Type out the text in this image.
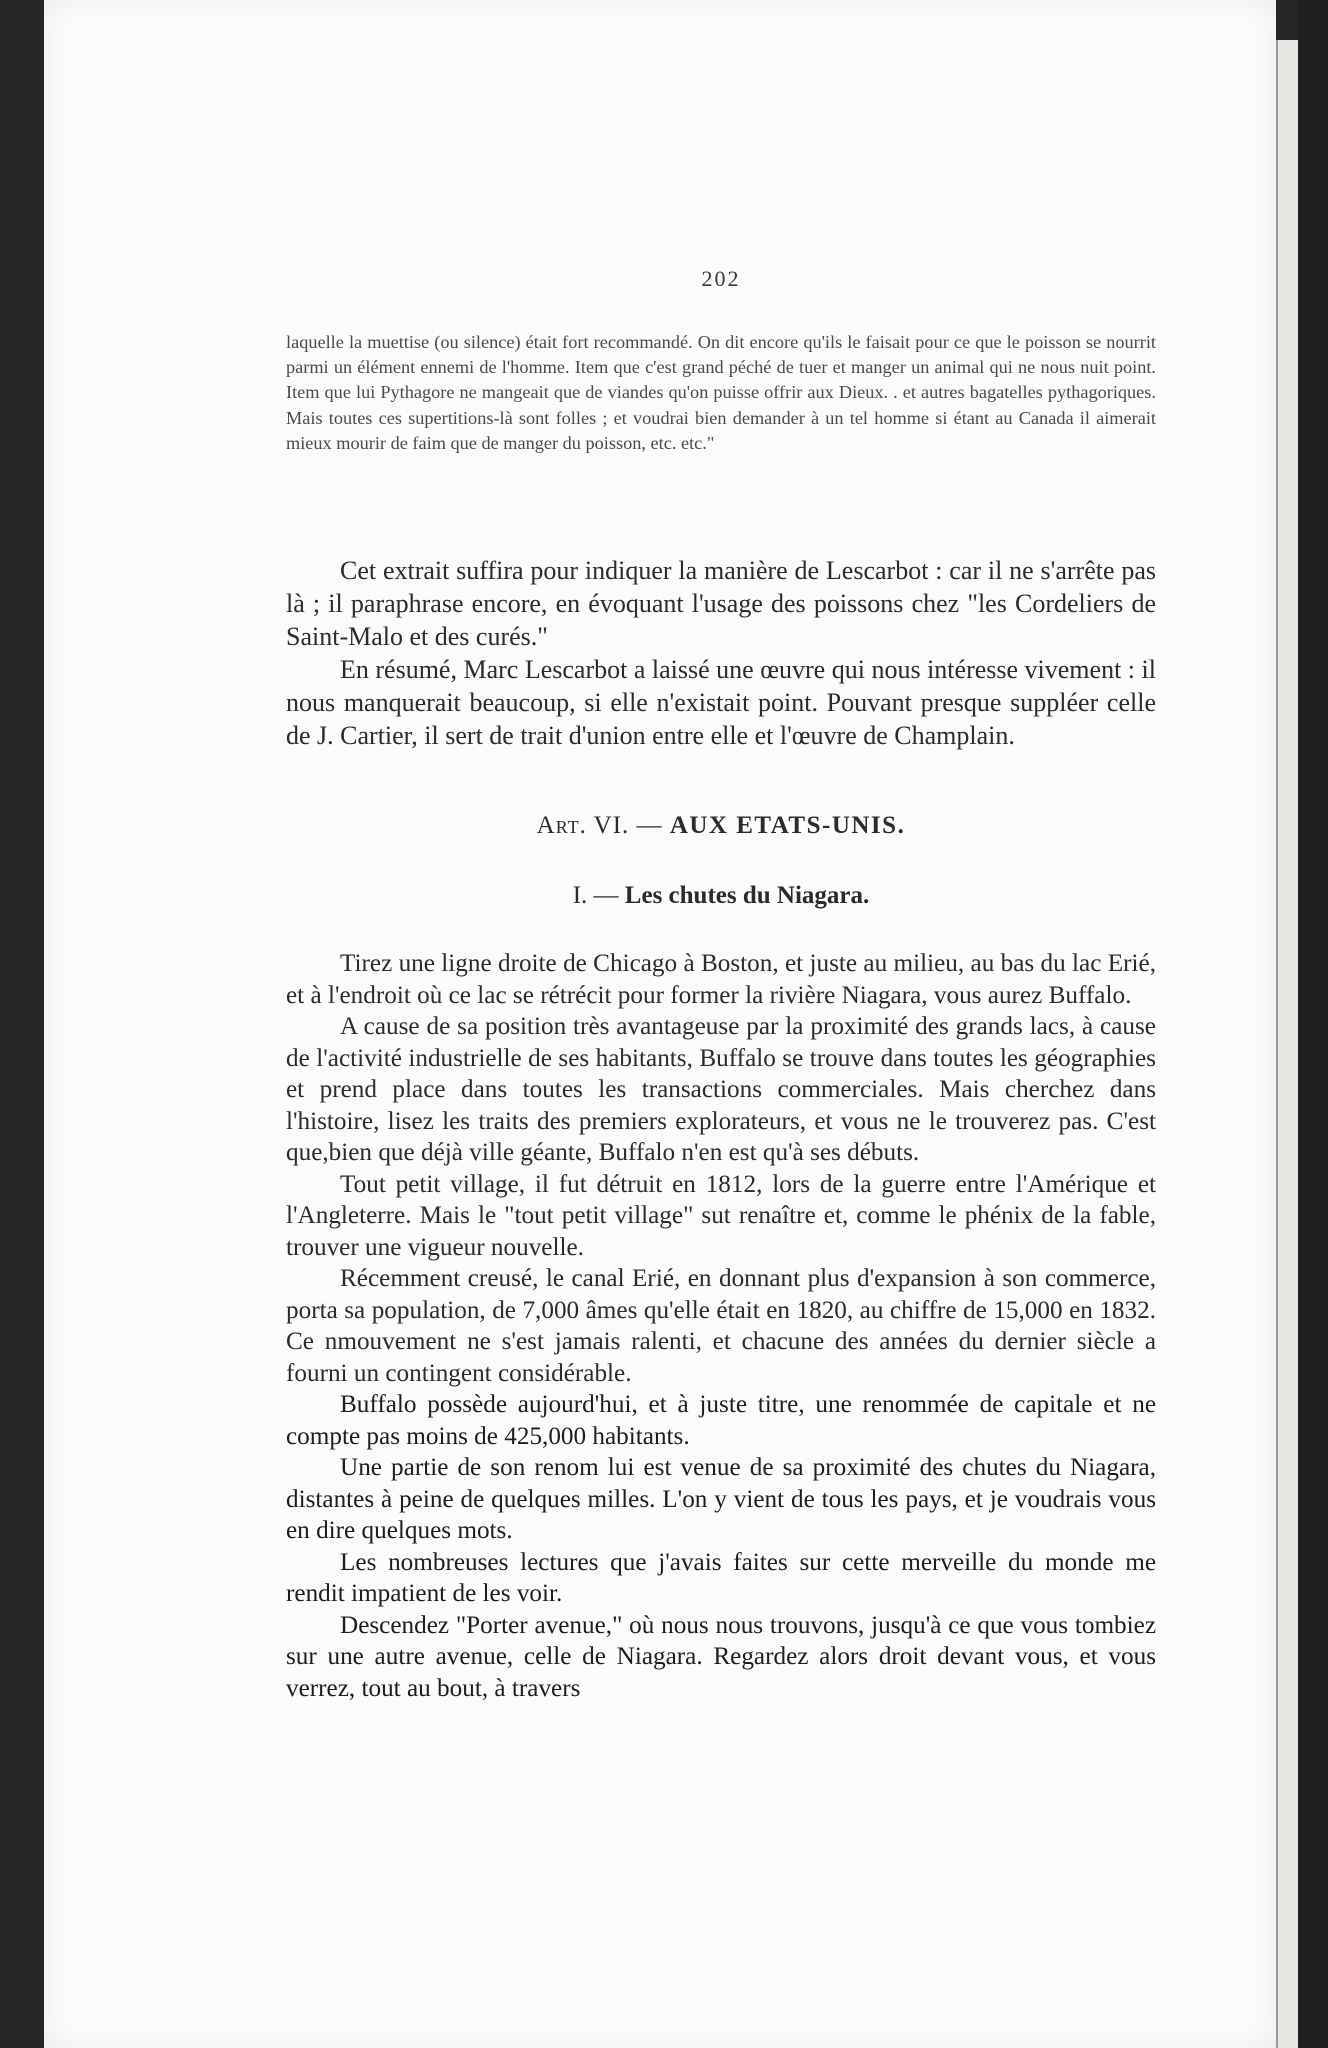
202
laquelle la muettise (ou silence) était fort recommandé. On dit encore qu'ils le faisait pour ce que le poisson se nourrit parmi un élément ennemi de l'homme. Item que c'est grand péché de tuer et manger un animal qui ne nous nuit point. Item que lui Pythagore ne mangeait que de viandes qu'on puisse offrir aux Dieux. . et autres bagatelles pythagoriques. Mais toutes ces supertitions-là sont folles ; et voudrai bien demander à un tel homme si étant au Canada il aimerait mieux mourir de faim que de manger du poisson, etc. etc."

Cet extrait suffira pour indiquer la manière de Lescarbot : car il ne s'arrête pas là ; il paraphrase encore, en évoquant l'usage des poissons chez "les Cordeliers de Saint-Malo et des curés."

En résumé, Marc Lescarbot a laissé une œuvre qui nous intéresse vivement : il nous manquerait beaucoup, si elle n'existait point. Pouvant presque suppléer celle de J. Cartier, il sert de trait d'union entre elle et l'œuvre de Champlain.

Art. VI. — AUX ETATS-UNIS.
I. — Les chutes du Niagara.

Tirez une ligne droite de Chicago à Boston, et juste au milieu, au bas du lac Erié, et à l'endroit où ce lac se rétrécit pour former la rivière Niagara, vous aurez Buffalo.

A cause de sa position très avantageuse par la proximité des grands lacs, à cause de l'activité industrielle de ses habitants, Buffalo se trouve dans toutes les géographies et prend place dans toutes les transactions commerciales. Mais cherchez dans l'histoire, lisez les traits des premiers explorateurs, et vous ne le trouverez pas. C'est que,bien que déjà ville géante, Buffalo n'en est qu'à ses débuts.

Tout petit village, il fut détruit en 1812, lors de la guerre entre l'Amérique et l'Angleterre. Mais le "tout petit village" sut renaître et, comme le phénix de la fable, trouver une vigueur nouvelle.

Récemment creusé, le canal Erié, en donnant plus d'expansion à son commerce, porta sa population, de 7,000 âmes qu'elle était en 1820, au chiffre de 15,000 en 1832. Ce nmouvement ne s'est jamais ralenti, et chacune des années du dernier siècle a fourni un contingent considérable.

Buffalo possède aujourd'hui, et à juste titre, une renommée de capitale et ne compte pas moins de 425,000 habitants.

Une partie de son renom lui est venue de sa proximité des chutes du Niagara, distantes à peine de quelques milles. L'on y vient de tous les pays, et je voudrais vous en dire quelques mots.

Les nombreuses lectures que j'avais faites sur cette merveille du monde me rendit impatient de les voir.

Descendez "Porter avenue," où nous nous trouvons, jusqu'à ce que vous tombiez sur une autre avenue, celle de Niagara. Regardez alors droit devant vous, et vous verrez, tout au bout, à travers
